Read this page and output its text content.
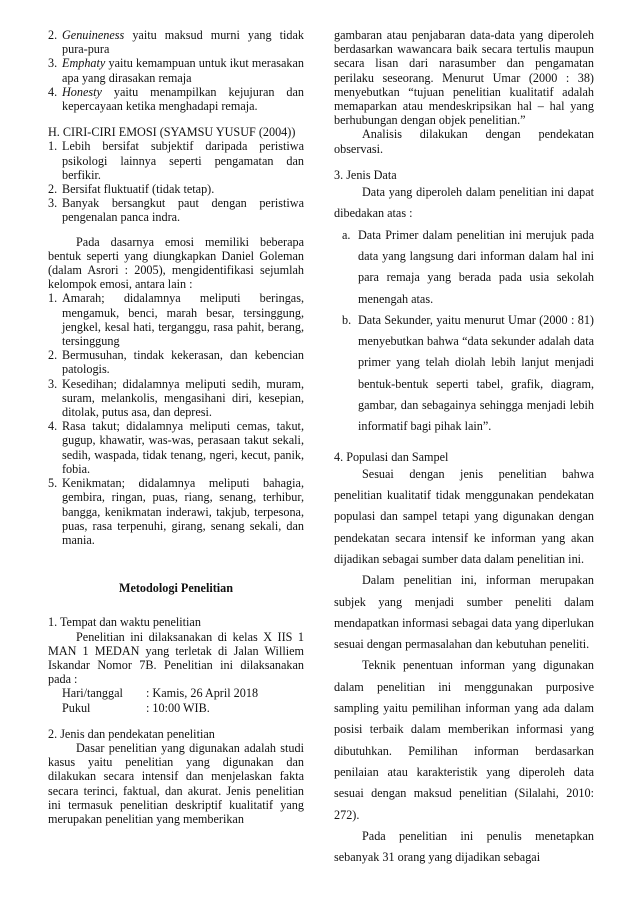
2. Genuineness yaitu maksud murni yang tidak pura-pura
3. Emphaty yaitu kemampuan untuk ikut merasakan apa yang dirasakan remaja
4. Honesty yaitu menampilkan kejujuran dan kepercayaan ketika menghadapi remaja.

H. CIRI-CIRI EMOSI (SYAMSU YUSUF (2004))

1. Lebih bersifat subjektif daripada peristiwa psikologi lainnya seperti pengamatan dan berfikir.
2. Bersifat fluktuatif (tidak tetap).
3. Banyak bersangkut paut dengan peristiwa pengenalan panca indra.

Pada dasarnya emosi memiliki beberapa bentuk seperti yang diungkapkan Daniel Goleman (dalam Asrori : 2005), mengidentifikasi sejumlah kelompok emosi, antara lain :

1. Amarah; didalamnya meliputi beringas, mengamuk, benci, marah besar, tersinggung, jengkel, kesal hati, terganggu, rasa pahit, berang, tersinggung
2. Bermusuhan, tindak kekerasan, dan kebencian patologis.
3. Kesedihan; didalamnya meliputi sedih, muram, suram, melankolis, mengasihani diri, kesepian, ditolak, putus asa, dan depresi.
4. Rasa takut; didalamnya meliputi cemas, takut, gugup, khawatir, was-was, perasaan takut sekali, sedih, waspada, tidak tenang, ngeri, kecut, panik, fobia.
5. Kenikmatan; didalamnya meliputi bahagia, gembira, ringan, puas, riang, senang, terhibur, bangga, kenikmatan inderawi, takjub, terpesona, puas, rasa terpenuhi, girang, senang sekali, dan mania.

Metodologi Penelitian

1. Tempat dan waktu penelitian

Penelitian ini dilaksanakan di kelas X IIS 1 MAN 1 MEDAN yang terletak di Jalan Williem Iskandar Nomor 7B. Penelitian ini dilaksanakan pada :

Hari/tanggal	: Kamis, 26 April 2018
Pukul	: 10:00 WIB.

2. Jenis dan pendekatan penelitian

Dasar penelitian yang digunakan adalah studi kasus yaitu penelitian yang digunakan dan dilakukan secara intensif dan menjelaskan fakta secara terinci, faktual, dan akurat. Jenis penelitian ini termasuk penelitian deskriptif kualitatif yang merupakan penelitian yang memberikan

gambaran atau penjabaran data-data yang diperoleh berdasarkan wawancara baik secara tertulis maupun secara lisan dari narasumber dan pengamatan perilaku seseorang. Menurut Umar (2000 : 38) menyebutkan “tujuan penelitian kualitatif adalah memaparkan atau mendeskripsikan hal – hal yang berhubungan dengan objek penelitian.”

Analisis dilakukan dengan pendekatan observasi.

3. Jenis Data

Data yang diperoleh dalam penelitian ini dapat dibedakan atas :

a. Data Primer dalam penelitian ini merujuk pada data yang langsung dari informan dalam hal ini para remaja yang berada pada usia sekolah menengah atas.
b. Data Sekunder, yaitu menurut Umar (2000 : 81) menyebutkan bahwa “data sekunder adalah data primer yang telah diolah lebih lanjut menjadi bentuk-bentuk seperti tabel, grafik, diagram, gambar, dan sebagainya sehingga menjadi lebih informatif bagi pihak lain”.

4. Populasi dan Sampel

Sesuai dengan jenis penelitian bahwa penelitian kualitatif tidak menggunakan pendekatan populasi dan sampel tetapi yang digunakan dengan pendekatan secara intensif ke informan yang akan dijadikan sebagai sumber data dalam penelitian ini.

Dalam penelitian ini, informan merupakan subjek yang menjadi sumber peneliti dalam mendapatkan informasi sebagai data yang diperlukan sesuai dengan permasalahan dan kebutuhan peneliti.

Teknik penentuan informan yang digunakan dalam penelitian ini menggunakan purposive sampling yaitu pemilihan informan yang ada dalam posisi terbaik dalam memberikan informasi yang dibutuhkan. Pemilihan informan berdasarkan penilaian atau karakteristik yang diperoleh data sesuai dengan maksud penelitian (Silalahi, 2010: 272).

Pada penelitian ini penulis menetapkan sebanyak 31 orang yang dijadikan sebagai
